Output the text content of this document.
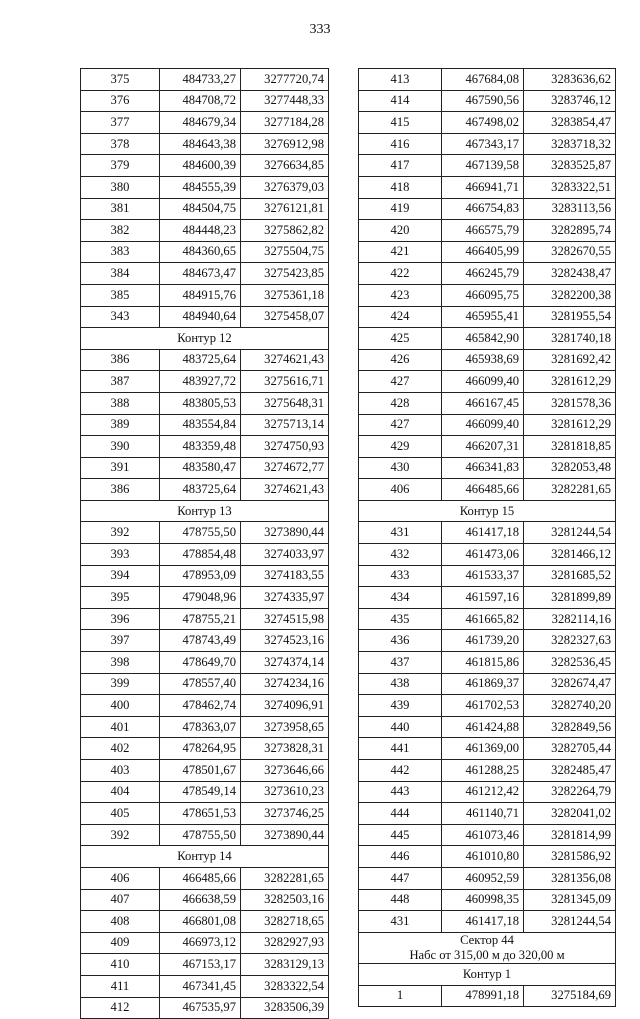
333
375	484733,27	3277720,74
376	484708,72	3277448,33
377	484679,34	3277184,28
378	484643,38	3276912,98
379	484600,39	3276634,85
380	484555,39	3276379,03
381	484504,75	3276121,81
382	484448,23	3275862,82
383	484360,65	3275504,75
384	484673,47	3275423,85
385	484915,76	3275361,18
343	484940,64	3275458,07
Контур 12		
386	483725,64	3274621,43
387	483927,72	3275616,71
388	483805,53	3275648,31
389	483554,84	3275713,14
390	483359,48	3274750,93
391	483580,47	3274672,77
386	483725,64	3274621,43
Контур 13		
392	478755,50	3273890,44
393	478854,48	3274033,97
394	478953,09	3274183,55
395	479048,96	3274335,97
396	478755,21	3274515,98
397	478743,49	3274523,16
398	478649,70	3274374,14
399	478557,40	3274234,16
400	478462,74	3274096,91
401	478363,07	3273958,65
402	478264,95	3273828,31
403	478501,67	3273646,66
404	478549,14	3273610,23
405	478651,53	3273746,25
392	478755,50	3273890,44
Контур 14		
406	466485,66	3282281,65
407	466638,59	3282503,16
408	466801,08	3282718,65
409	466973,12	3282927,93
410	467153,17	3283129,13
411	467341,45	3283322,54
412	467535,97	3283506,39
413	467684,08	3283636,62
414	467590,56	3283746,12
415	467498,02	3283854,47
416	467343,17	3283718,32
417	467139,58	3283525,87
418	466941,71	3283322,51
419	466754,83	3283113,56
420	466575,79	3282895,74
421	466405,99	3282670,55
422	466245,79	3282438,47
423	466095,75	3282200,38
424	465955,41	3281955,54
425	465842,90	3281740,18
426	465938,69	3281692,42
427	466099,40	3281612,29
428	466167,45	3281578,36
427	466099,40	3281612,29
429	466207,31	3281818,85
430	466341,83	3282053,48
406	466485,66	3282281,65
Контур 15		
431	461417,18	3281244,54
432	461473,06	3281466,12
433	461533,37	3281685,52
434	461597,16	3281899,89
435	461665,82	3282114,16
436	461739,20	3282327,63
437	461815,86	3282536,45
438	461869,37	3282674,47
439	461702,53	3282740,20
440	461424,88	3282849,56
441	461369,00	3282705,44
442	461288,25	3282485,47
443	461212,42	3282264,79
444	461140,71	3282041,02
445	461073,46	3281814,99
446	461010,80	3281586,92
447	460952,59	3281356,08
448	460998,35	3281345,09
431	461417,18	3281244,54

Сектор 44
Набс от 315,00 м до 320,00 м		

Контур 1		
1	478991,18	3275184,69
